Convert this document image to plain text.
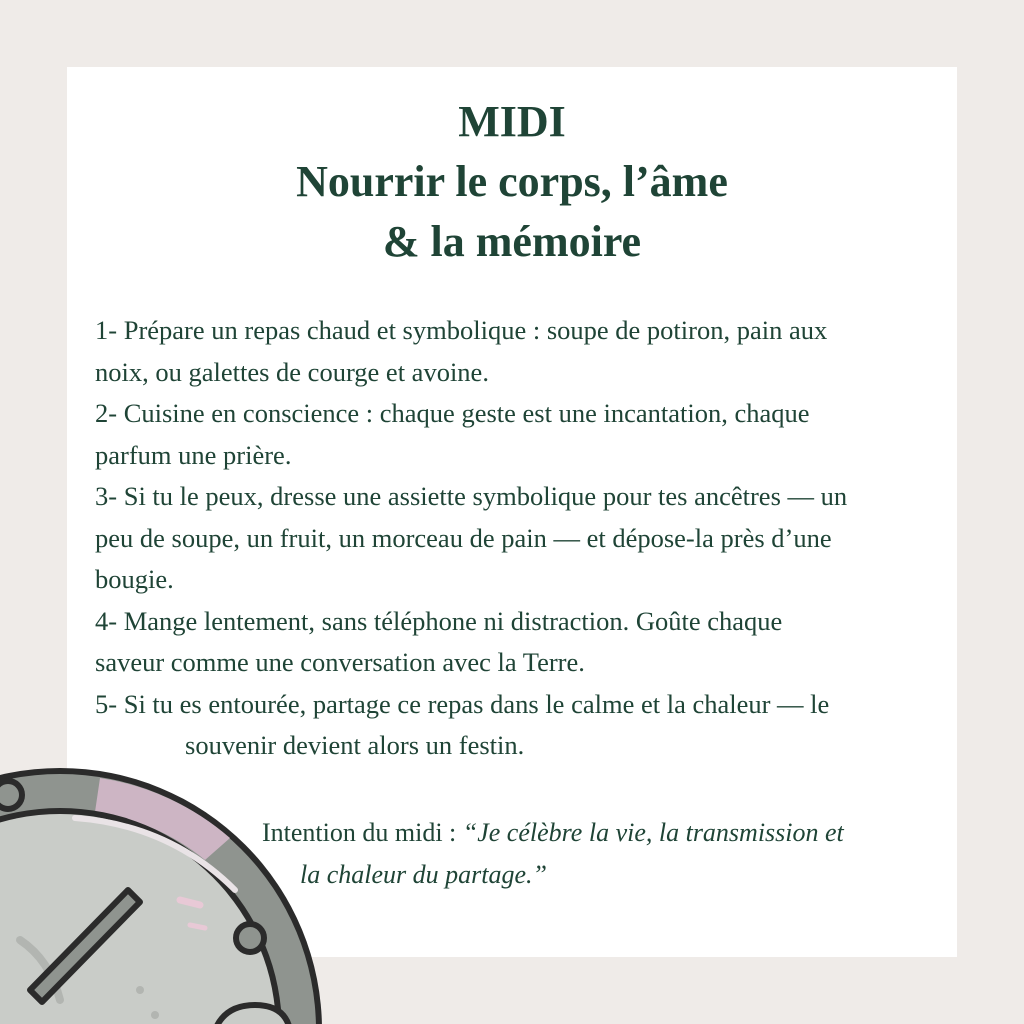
MIDI
Nourrir le corps, l’âme
& la mémoire
1- Prépare un repas chaud et symbolique : soupe de potiron, pain aux
noix, ou galettes de courge et avoine.
2- Cuisine en conscience : chaque geste est une incantation, chaque
parfum une prière.
3- Si tu le peux, dresse une assiette symbolique pour tes ancêtres — un
peu de soupe, un fruit, un morceau de pain — et dépose-la près d’une
bougie.
4- Mange lentement, sans téléphone ni distraction. Goûte chaque
saveur comme une conversation avec la Terre.
5- Si tu es entourée, partage ce repas dans le calme et la chaleur — le
souvenir devient alors un festin.
Intention du midi : “Je célèbre la vie, la transmission et
la chaleur du partage.”
